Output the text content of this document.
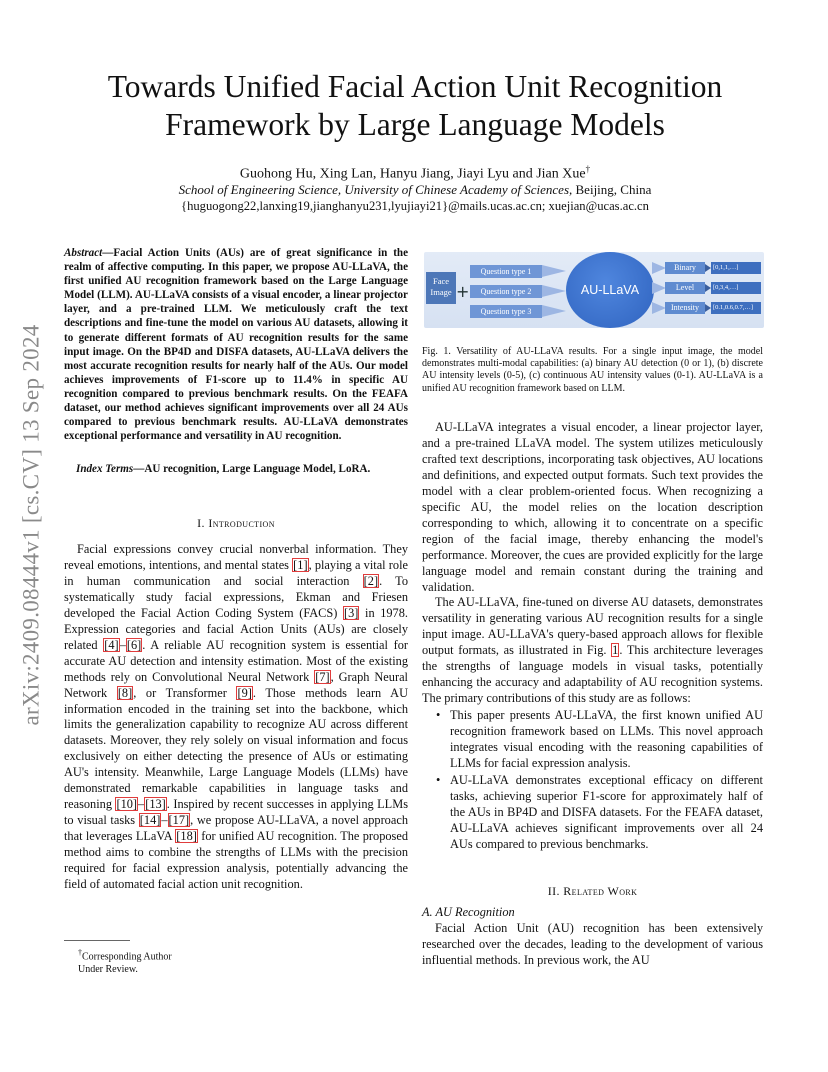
arXiv:2409.08444v1 [cs.CV] 13 Sep 2024
Towards Unified Facial Action Unit Recognition
Framework by Large Language Models
Guohong Hu, Xing Lan, Hanyu Jiang, Jiayi Lyu and Jian Xue†
School of Engineering Science, University of Chinese Academy of Sciences, Beijing, China
{huguogong22,lanxing19,jianghanyu231,lyujiayi21}@mails.ucas.ac.cn; xuejian@ucas.ac.cn
Abstract—Facial Action Units (AUs) are of great significance in the realm of affective computing. In this paper, we propose AU-LLaVA, the first unified AU recognition framework based on the Large Language Model (LLM). AU-LLaVA consists of a visual encoder, a linear projector layer, and a pre-trained LLM. We meticulously craft the text descriptions and fine-tune the model on various AU datasets, allowing it to generate different formats of AU recognition results for the same input image. On the BP4D and DISFA datasets, AU-LLaVA delivers the most accurate recognition results for nearly half of the AUs. Our model achieves improvements of F1-score up to 11.4% in specific AU recognition compared to previous benchmark results. On the FEAFA dataset, our method achieves significant improvements over all 24 AUs compared to previous benchmark results. AU-LLaVA demonstrates exceptional performance and versatility in AU recognition.
Index Terms—AU recognition, Large Language Model, LoRA.
I. Introduction

Facial expressions convey crucial nonverbal information. They reveal emotions, intentions, and mental states [1], playing a vital role in human communication and social interaction [2]. To systematically study facial expressions, Ekman and Friesen developed the Facial Action Coding System (FACS) [3] in 1978. Expression categories and facial Action Units (AUs) are closely related [4]–[6]. A reliable AU recognition system is essential for accurate AU detection and intensity estimation. Most of the existing methods rely on Convolutional Neural Network [7], Graph Neural Network [8], or Transformer [9]. Those methods learn AU information encoded in the training set into the backbone, which limits the generalization capability to recognize AU across different datasets. Moreover, they rely solely on visual information and focus exclusively on either detecting the presence of AUs or estimating AU's intensity. Meanwhile, Large Language Models (LLMs) have demonstrated remarkable capabilities in language tasks and reasoning [10]–[13]. Inspired by recent successes in applying LLMs to visual tasks [14]–[17], we propose AU-LLaVA, a novel approach that leverages LLaVA [18] for unified AU recognition. The proposed method aims to combine the strengths of LLMs with the precision required for facial expression analysis, potentially advancing the field of automated facial action unit recognition.

†Corresponding Author
Under Review.
Face
Image +
Question type 1
Question type 2
Question type 3
AU-LLaVA
Binary
Level
Intensity
[0,1,1,…]
[0,3,4,…]
[0.1,0.6,0.7,…]
Fig. 1. Versatility of AU-LLaVA results. For a single input image, the model demonstrates multi-modal capabilities: (a) binary AU detection (0 or 1), (b) discrete AU intensity levels (0-5), (c) continuous AU intensity values (0-1). AU-LLaVA is a unified AU recognition framework based on LLM.

AU-LLaVA integrates a visual encoder, a linear projector layer, and a pre-trained LLaVA model. The system utilizes meticulously crafted text descriptions, incorporating task objectives, AU locations and definitions, and expected output formats. Such text provides the model with a clear problem-oriented focus. When recognizing a specific AU, the model relies on the location description corresponding to which, allowing it to concentrate on a specific region of the facial image, thereby enhancing the model's performance. Moreover, the cues are provided explicitly for the large language model and remain constant during the training and validation.

The AU-LLaVA, fine-tuned on diverse AU datasets, demonstrates versatility in generating various AU recognition results for a single input image. AU-LLaVA's query-based approach allows for flexible output formats, as illustrated in Fig. 1. This architecture leverages the strengths of language models in visual tasks, potentially enhancing the accuracy and adaptability of AU recognition systems. The primary contributions of this study are as follows:

• This paper presents AU-LLaVA, the first known unified AU recognition framework based on LLMs. This novel approach integrates visual encoding with the reasoning capabilities of LLMs for facial expression analysis.
• AU-LLaVA demonstrates exceptional efficacy on different tasks, achieving superior F1-score for approximately half of the AUs in BP4D and DISFA datasets. For the FEAFA dataset, AU-LLaVA achieves significant improvements over all 24 AUs compared to previous benchmarks.
II. Related Work
A. AU Recognition

Facial Action Unit (AU) recognition has been extensively researched over the decades, leading to the development of various influential methods. In previous work, the AU
